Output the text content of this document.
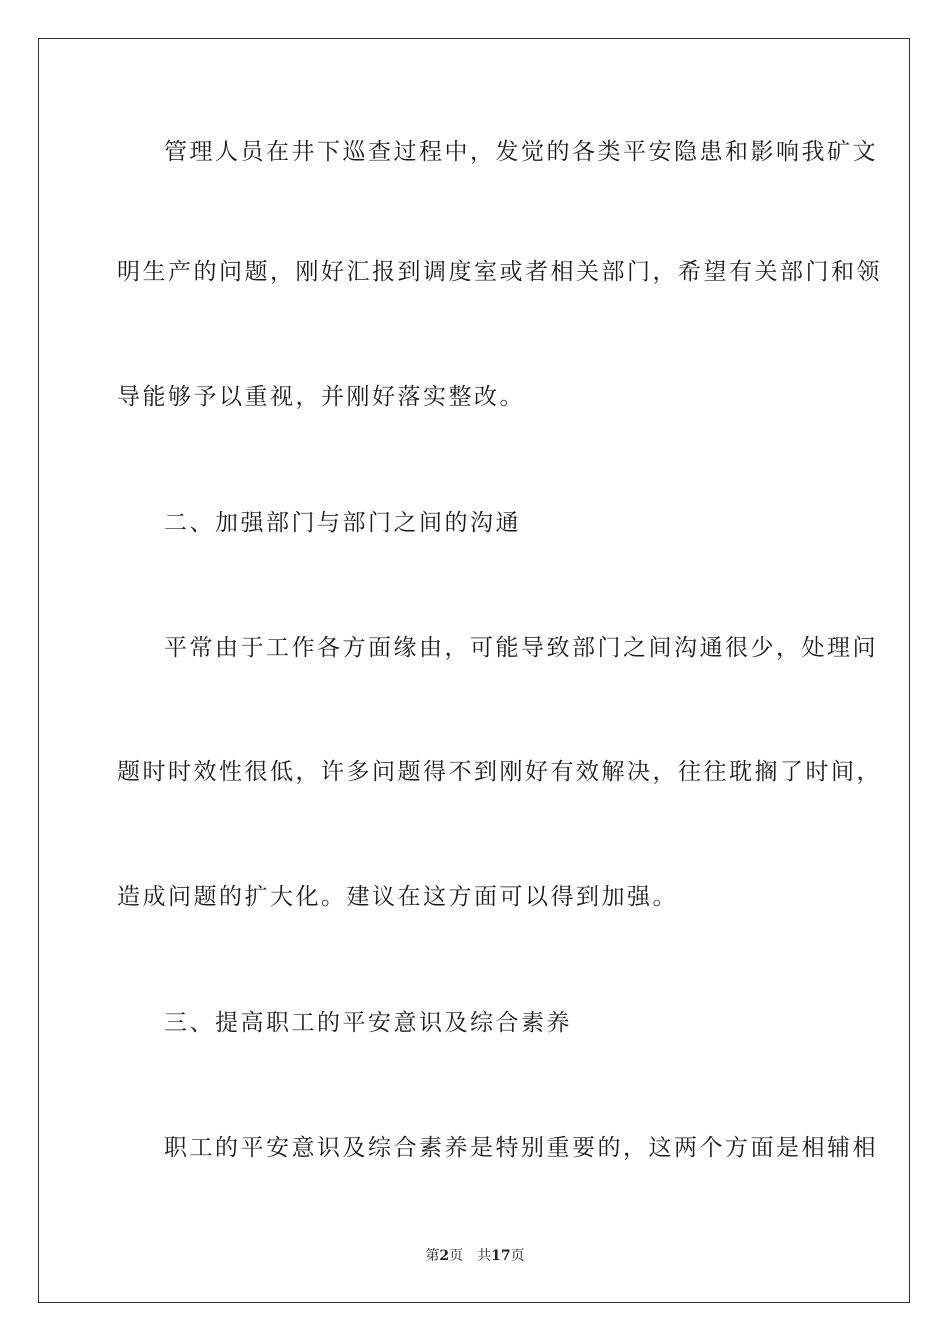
管理人员在井下巡查过程中，发觉的各类平安隐患和影响我矿文
明生产的问题，刚好汇报到调度室或者相关部门，希望有关部门和领
导能够予以重视，并刚好落实整改。
二、加强部门与部门之间的沟通
平常由于工作各方面缘由，可能导致部门之间沟通很少，处理问
题时时效性很低，许多问题得不到刚好有效解决，往往耽搁了时间，
造成问题的扩大化。建议在这方面可以得到加强。
三、提高职工的平安意识及综合素养
职工的平安意识及综合素养是特别重要的，这两个方面是相辅相
第2页 共17页
